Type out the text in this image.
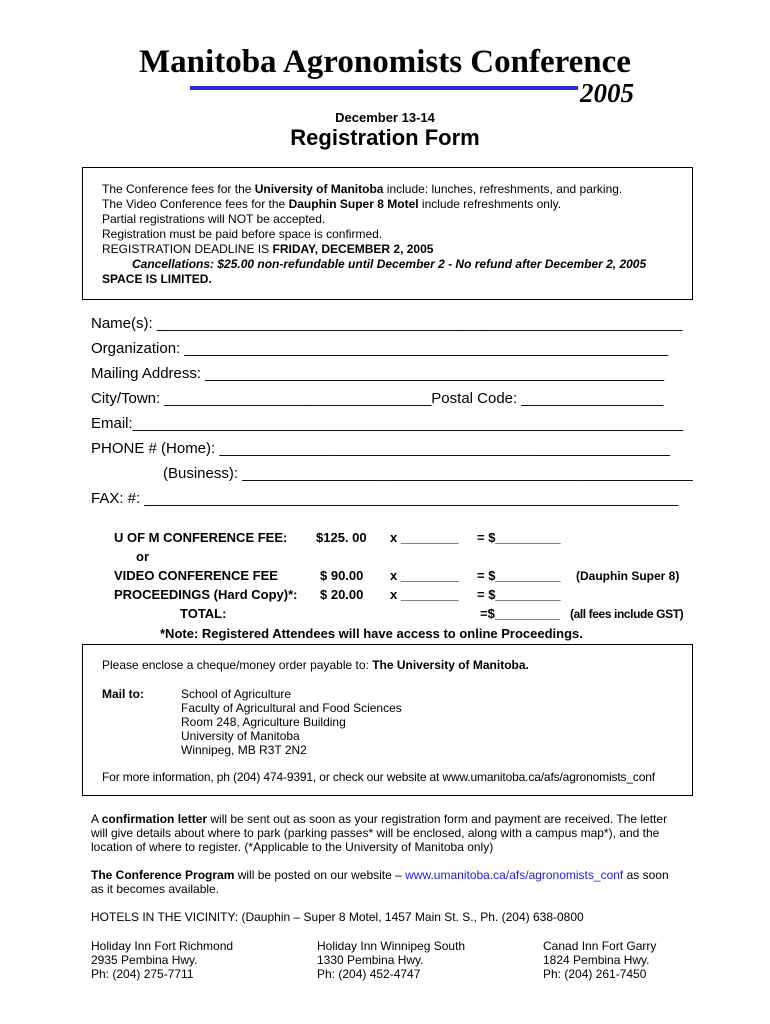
Manitoba Agronomists Conference
2005
December 13-14
Registration Form
The Conference fees for the University of Manitoba include: lunches, refreshments, and parking.
The Video Conference fees for the Dauphin Super 8 Motel include refreshments only.
Partial registrations will NOT be accepted.
Registration must be paid before space is confirmed.
REGISTRATION DEADLINE IS FRIDAY, DECEMBER 2, 2005
Cancellations: $25.00 non-refundable until December 2 - No refund after December 2, 2005
SPACE IS LIMITED.
Name(s): _______________________________________________________________
Organization: __________________________________________________________
Mailing Address: _______________________________________________________
City/Town: ________________________________Postal Code: _________________
Email:__________________________________________________________________
PHONE # (Home): ______________________________________________________
(Business): ______________________________________________________
FAX: #: ________________________________________________________________
U OF M CONFERENCE FEE: $125. 00 x ________ = $_________
or
VIDEO CONFERENCE FEE	$ 90.00 x ________ = $_________ (Dauphin Super 8)
PROCEEDINGS (Hard Copy)*: $ 20.00 x ________ = $_________
TOTAL:	=$_________ (all fees include GST)
*Note: Registered Attendees will have access to online Proceedings.
Please enclose a cheque/money order payable to: The University of Manitoba.
Mail to:	School of Agriculture
Faculty of Agricultural and Food Sciences
Room 248, Agriculture Building
University of Manitoba
Winnipeg, MB R3T 2N2
For more information, ph (204) 474-9391, or check our website at www.umanitoba.ca/afs/agronomists_conf
A confirmation letter will be sent out as soon as your registration form and payment are received. The letter
will give details about where to park (parking passes* will be enclosed, along with a campus map*), and the
location of where to register. (*Applicable to the University of Manitoba only)
The Conference Program will be posted on our website – www.umanitoba.ca/afs/agronomists_conf as soon
as it becomes available.
HOTELS IN THE VICINITY: (Dauphin – Super 8 Motel, 1457 Main St. S., Ph. (204) 638-0800
Holiday Inn Fort Richmond
2935 Pembina Hwy.
Ph: (204) 275-7711
Holiday Inn Winnipeg South
1330 Pembina Hwy.
Ph: (204) 452-4747
Canad Inn Fort Garry
1824 Pembina Hwy.
Ph: (204) 261-7450
